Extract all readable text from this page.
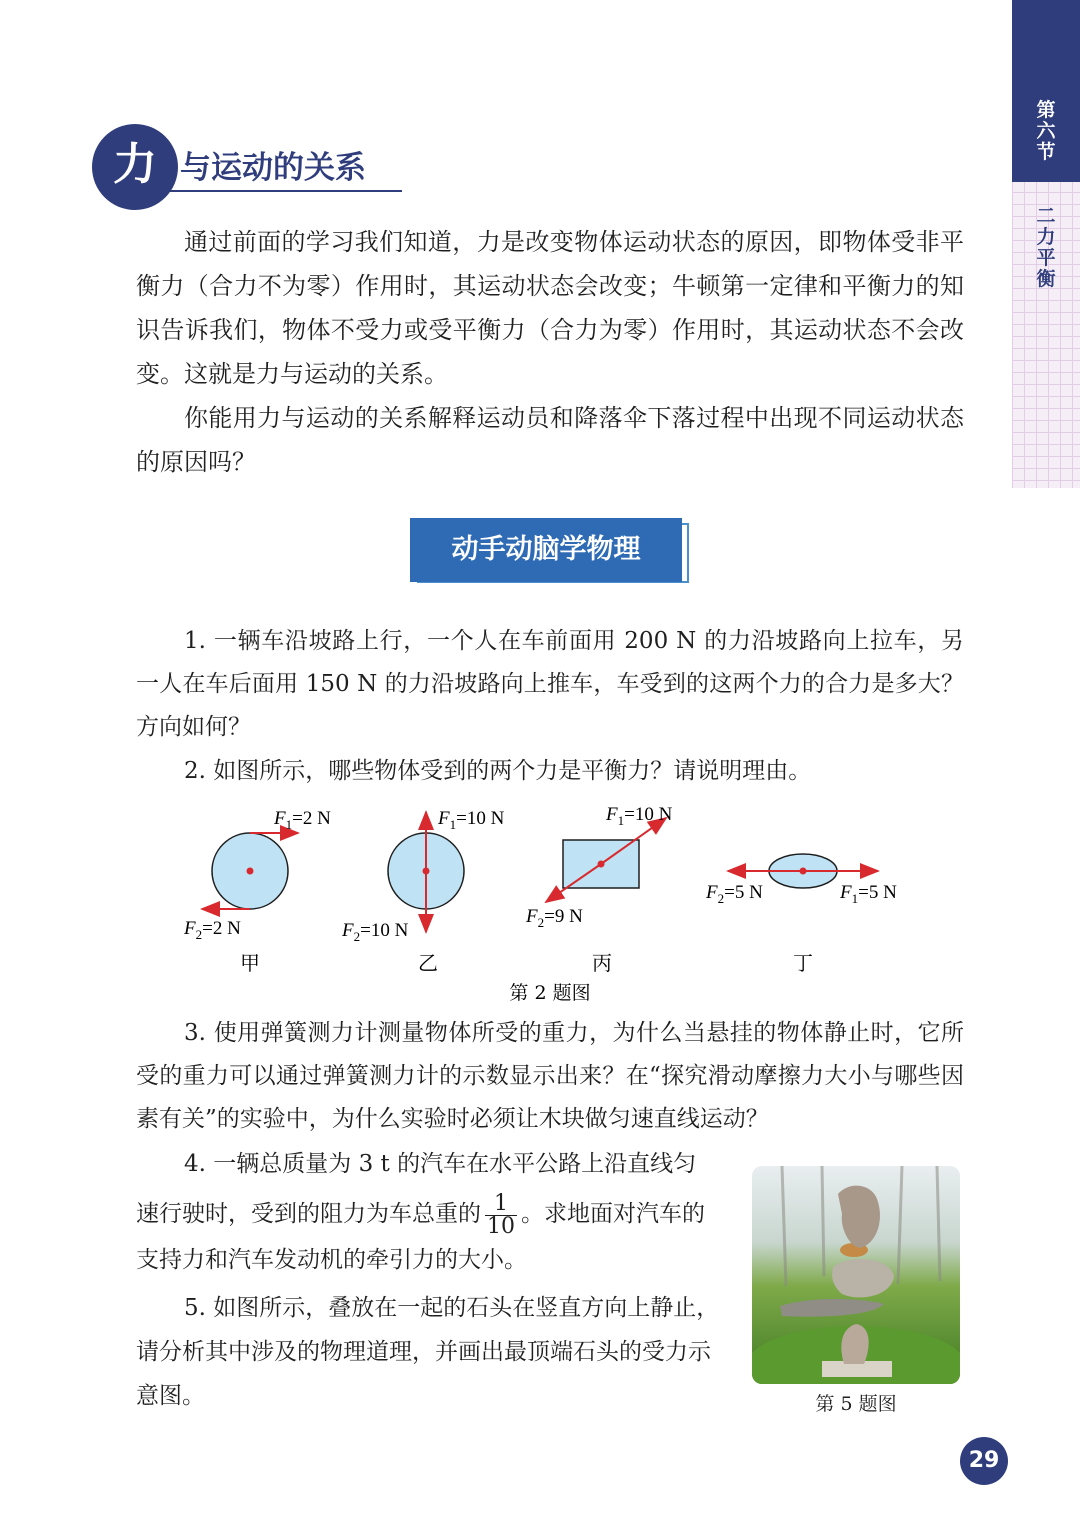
第
六
节
二
力
平
衡
力 与运动的关系

通过前面的学习我们知道，力是改变物体运动状态的原因，即物体受非平衡力（合力不为零）作用时，其运动状态会改变；牛顿第一定律和平衡力的知识告诉我们，物体不受力或受平衡力（合力为零）作用时，其运动状态不会改变。这就是力与运动的关系。

你能用力与运动的关系解释运动员和降落伞下落过程中出现不同运动状态的原因吗？

动手动脑学物理

1. 一辆车沿坡路上行，一个人在车前面用 200 N 的力沿坡路向上拉车，另一人在车后面用 150 N 的力沿坡路向上推车，车受到的这两个力的合力是多大？方向如何？

2. 如图所示，哪些物体受到的两个力是平衡力？请说明理由。

$F_1=2$ N
$F_2=2$ N
$F_1=10$ N
$F_2=10$ N
$F_1=10$ N
$F_2=9$ N
$F_1=5$ N
$F_2=5$ N
甲	乙	丙	丁
第 2 题图

3. 使用弹簧测力计测量物体所受的重力，为什么当悬挂的物体静止时，它所受的重力可以通过弹簧测力计的示数显示出来？在“探究滑动摩擦力大小与哪些因素有关”的实验中，为什么实验时必须让木块做匀速直线运动？

4. 一辆总质量为 3 t 的汽车在水平公路上沿直线匀

速行驶时，受到的阻力为车总重的 $\frac{1}{10}$ 。求地面对汽车的支持力和汽车发动机的牵引力的大小。

5. 如图所示，叠放在一起的石头在竖直方向上静止，请分析其中涉及的物理道理，并画出最顶端石头的受力示意图。	第 5 题图
29
